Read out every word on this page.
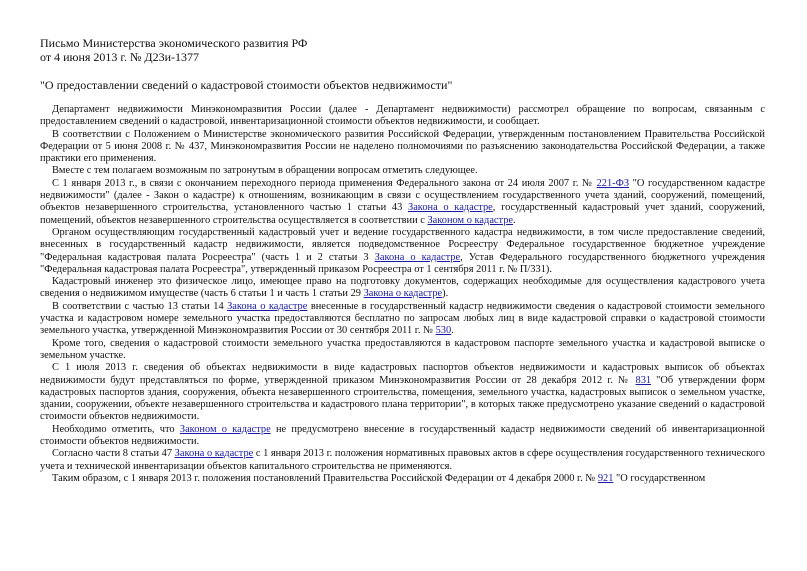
Письмо Министерства экономического развития РФ
от 4 июня 2013 г. № Д23и-1377
"О предоставлении сведений о кадастровой стоимости объектов недвижимости"

Департамент недвижимости Минэкономразвития России (далее - Департамент недвижимости) рассмотрел обращение по вопросам, связанным с предоставлением сведений о кадастровой, инвентаризационной стоимости объектов недвижимости, и сообщает.

В соответствии с Положением о Министерстве экономического развития Российской Федерации, утвержденным постановлением Правительства Российской Федерации от 5 июня 2008 г. № 437, Минэкономразвития России не наделено полномочиями по разъяснению законодательства Российской Федерации, а также практики его применения.

Вместе с тем полагаем возможным по затронутым в обращении вопросам отметить следующее.

С 1 января 2013 г., в связи с окончанием переходного периода применения Федерального закона от 24 июля 2007 г. № 221-ФЗ "О государственном кадастре недвижимости" (далее - Закон о кадастре) к отношениям, возникающим в связи с осуществлением государственного учета зданий, сооружений, помещений, объектов незавершенного строительства, установленного частью 1 статьи 43 Закона о кадастре, государственный кадастровый учет зданий, сооружений, помещений, объектов незавершенного строительства осуществляется в соответствии с Законом о кадастре.

Органом осуществляющим государственный кадастровый учет и ведение государственного кадастра недвижимости, в том числе предоставление сведений, внесенных в государственный кадастр недвижимости, является подведомственное Росреестру Федеральное государственное бюджетное учреждение "Федеральная кадастровая палата Росреестра" (часть 1 и 2 статьи 3 Закона о кадастре, Устав Федерального государственного бюджетного учреждения "Федеральная кадастровая палата Росреестра", утвержденный приказом Росреестра от 1 сентября 2011 г. № П/331).

Кадастровый инженер это физическое лицо, имеющее право на подготовку документов, содержащих необходимые для осуществления кадастрового учета сведения о недвижимом имуществе (часть 6 статьи 1 и часть 1 статьи 29 Закона о кадастре).

В соответствии с частью 13 статьи 14 Закона о кадастре внесенные в государственный кадастр недвижимости сведения о кадастровой стоимости земельного участка и кадастровом номере земельного участка предоставляются бесплатно по запросам любых лиц в виде кадастровой справки о кадастровой стоимости земельного участка, утвержденной Минэкономразвития России от 30 сентября 2011 г. № 530.

Кроме того, сведения о кадастровой стоимости земельного участка предоставляются в кадастровом паспорте земельного участка и кадастровой выписке о земельном участке.

С 1 июля 2013 г. сведения об объектах недвижимости в виде кадастровых паспортов объектов недвижимости и кадастровых выписок об объектах недвижимости будут представляться по форме, утвержденной приказом Минэкономразвития России от 28 декабря 2012 г. № 831 "Об утверждении форм кадастровых паспортов здания, сооружения, объекта незавершенного строительства, помещения, земельного участка, кадастровых выписок о земельном участке, здании, сооружении, объекте незавершенного строительства и кадастрового плана территории", в которых также предусмотрено указание сведений о кадастровой стоимости объектов недвижимости.

Необходимо отметить, что Законом о кадастре не предусмотрено внесение в государственный кадастр недвижимости сведений об инвентаризационной стоимости объектов недвижимости.

Согласно части 8 статьи 47 Закона о кадастре с 1 января 2013 г. положения нормативных правовых актов в сфере осуществления государственного технического учета и технической инвентаризации объектов капитального строительства не применяются.

Таким образом, с 1 января 2013 г. положения постановлений Правительства Российской Федерации от 4 декабря 2000 г. № 921 "О государственном
